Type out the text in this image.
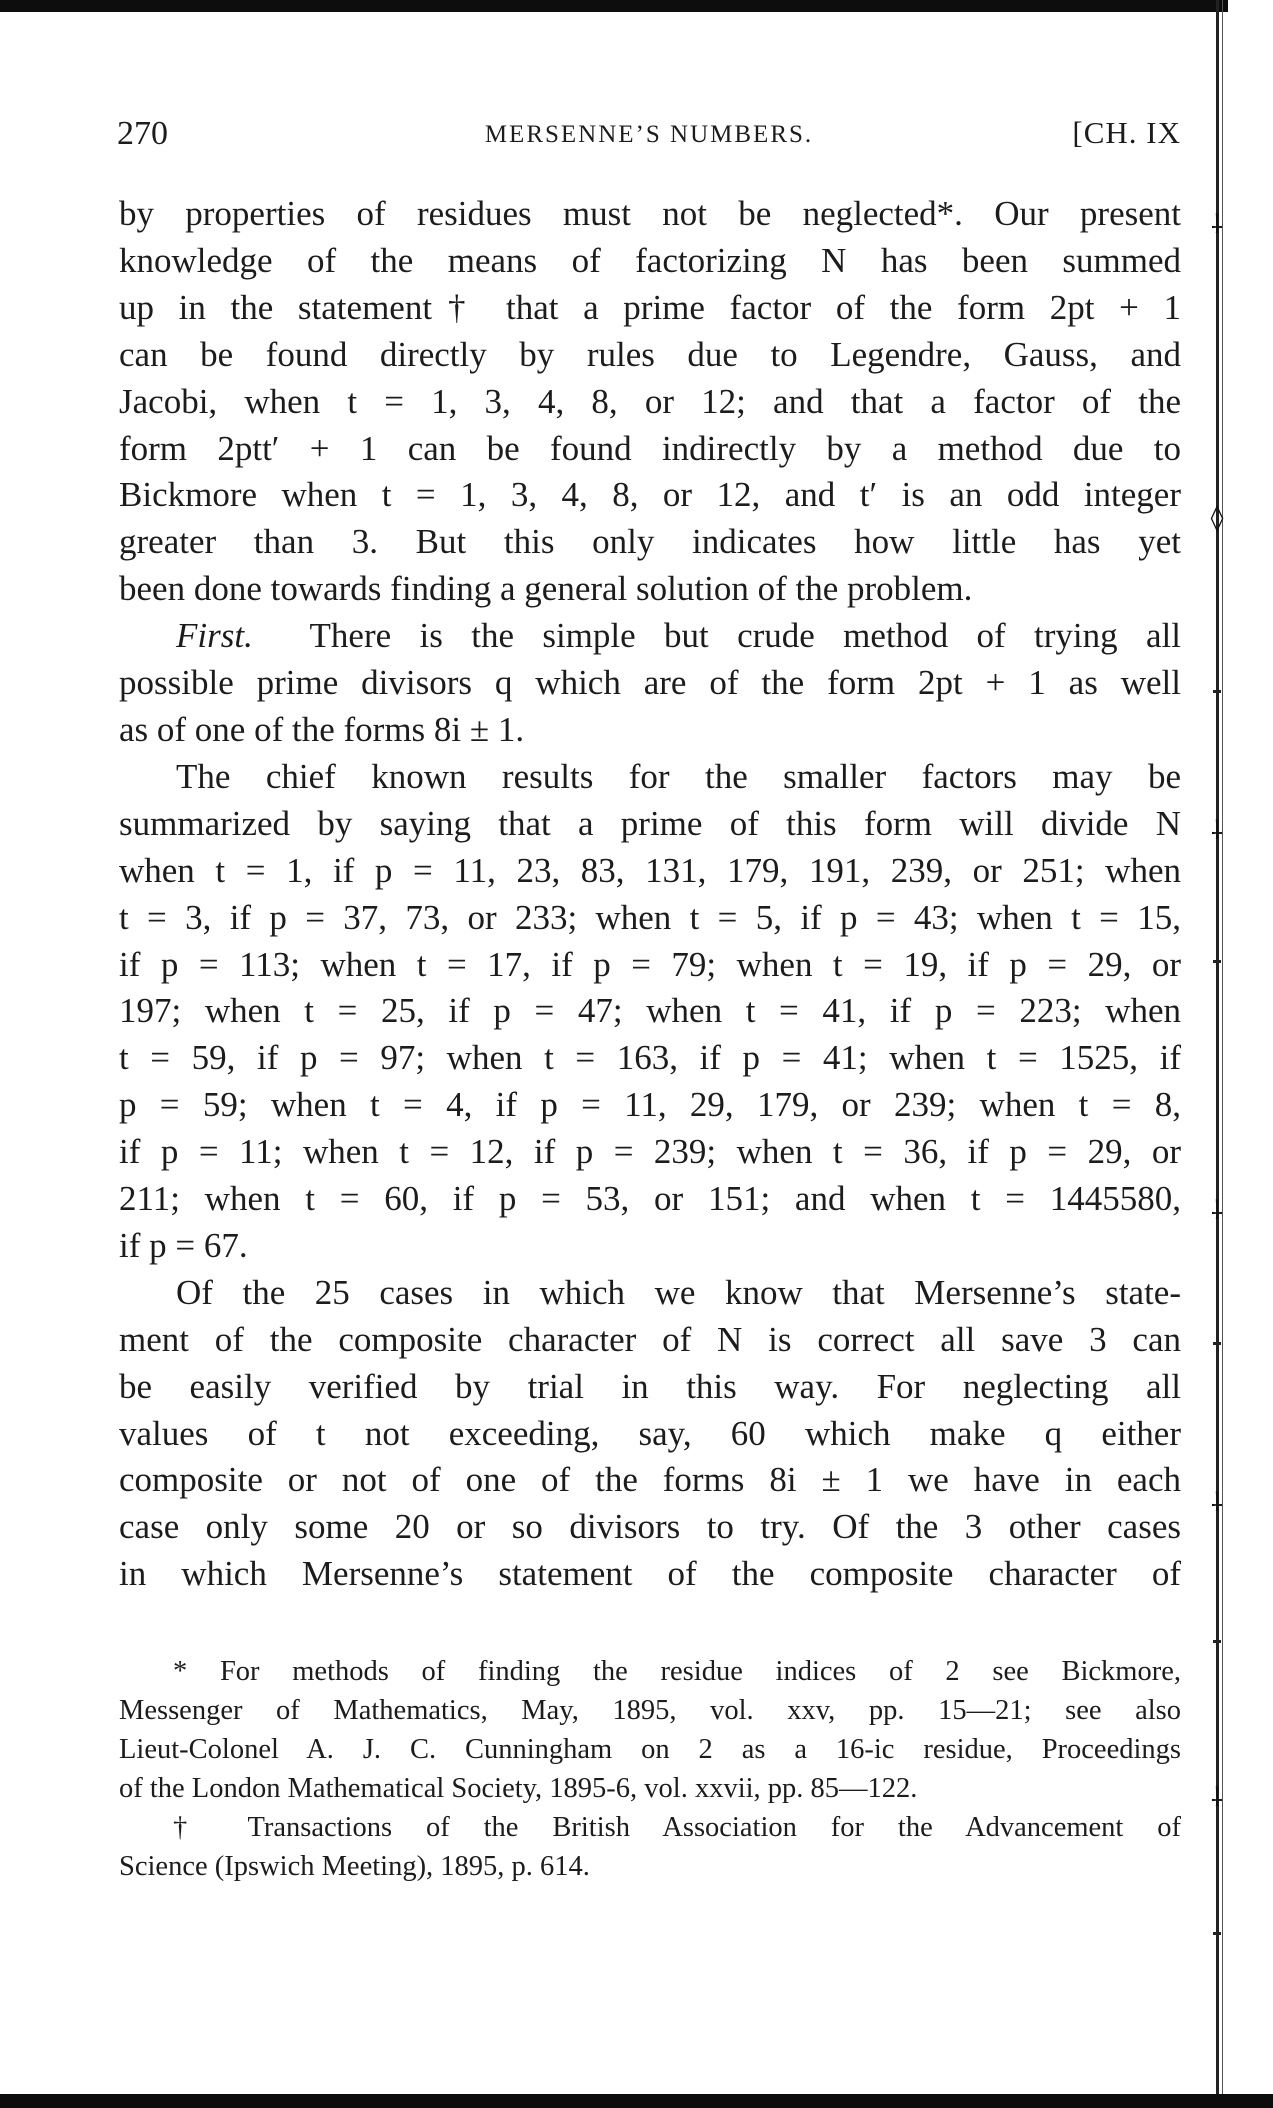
⸸
◊
⸸
⸸
⸸
⸸
270	MERSENNE’S NUMBERS.	[CH. IX

by properties of residues must not be neglected*. Our present
knowledge of the means of factorizing N has been summed
up in the statement† that a prime factor of the form 2pt + 1
can be found directly by rules due to Legendre, Gauss, and
Jacobi, when t = 1, 3, 4, 8, or 12; and that a factor of the
form 2ptt′ + 1 can be found indirectly by a method due to
Bickmore when t = 1, 3, 4, 8, or 12, and t′ is an odd integer
greater than 3. But this only indicates how little has yet
been done towards finding a general solution of the problem.

First. There is the simple but crude method of trying all
possible prime divisors q which are of the form 2pt + 1 as well
as of one of the forms 8i ± 1.

The chief known results for the smaller factors may be
summarized by saying that a prime of this form will divide N
when t = 1, if p = 11, 23, 83, 131, 179, 191, 239, or 251; when
t = 3, if p = 37, 73, or 233; when t = 5, if p = 43; when t = 15,
if p = 113; when t = 17, if p = 79; when t = 19, if p = 29, or
197; when t = 25, if p = 47; when t = 41, if p = 223; when
t = 59, if p = 97; when t = 163, if p = 41; when t = 1525, if
p = 59; when t = 4, if p = 11, 29, 179, or 239; when t = 8,
if p = 11; when t = 12, if p = 239; when t = 36, if p = 29, or
211; when t = 60, if p = 53, or 151; and when t = 1445580,
if p = 67.

Of the 25 cases in which we know that Mersenne’s state-
ment of the composite character of N is correct all save 3 can
be easily verified by trial in this way. For neglecting all
values of t not exceeding, say, 60 which make q either
composite or not of one of the forms 8i ± 1 we have in each
case only some 20 or so divisors to try. Of the 3 other cases
in which Mersenne’s statement of the composite character of

* For methods of finding the residue indices of 2 see Bickmore,
Messenger of Mathematics, May, 1895, vol. xxv, pp. 15—21; see also
Lieut-Colonel A. J. C. Cunningham on 2 as a 16-ic residue, Proceedings
of the London Mathematical Society, 1895-6, vol. xxvii, pp. 85—122.

† Transactions of the British Association for the Advancement of
Science (Ipswich Meeting), 1895, p. 614.
